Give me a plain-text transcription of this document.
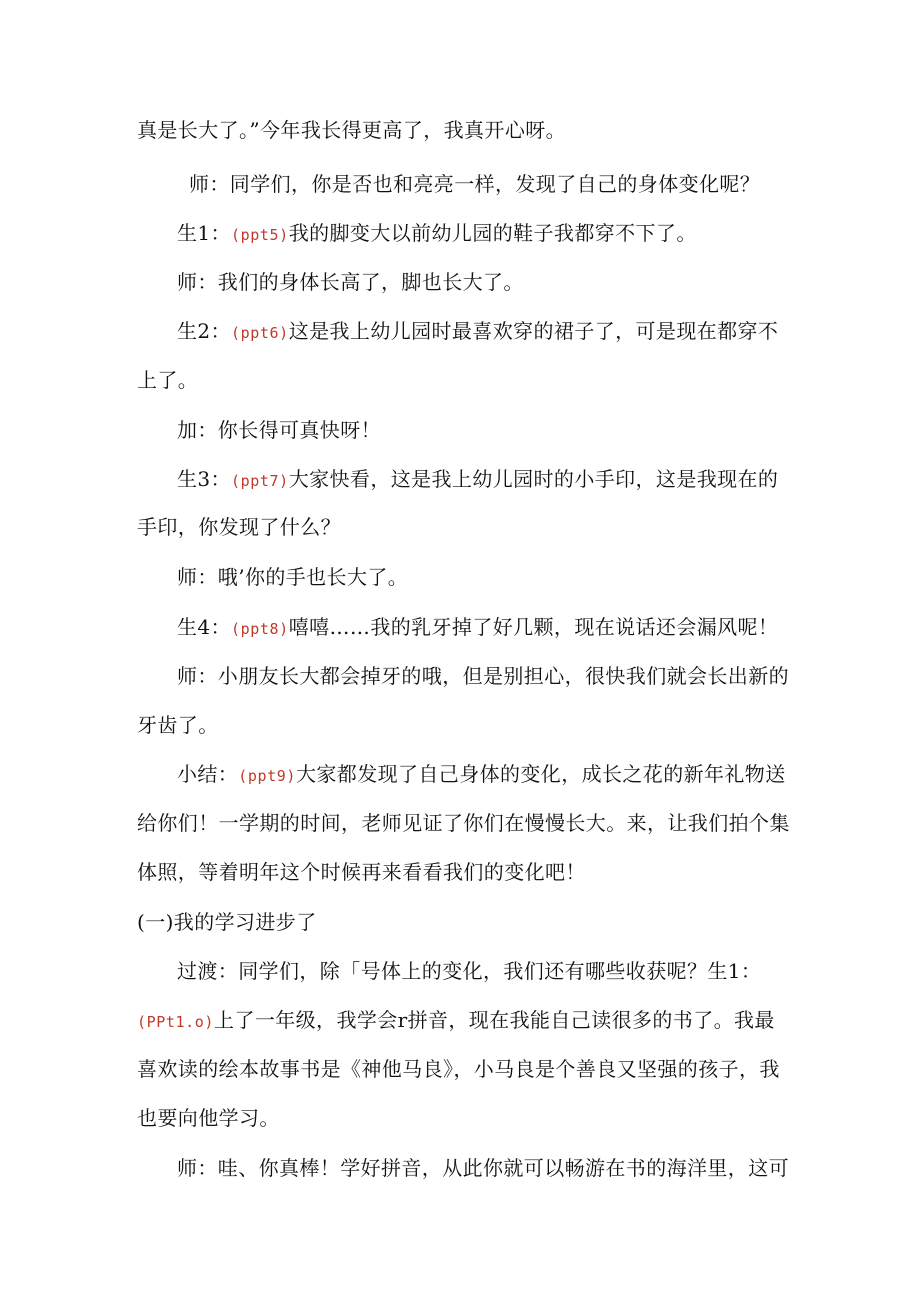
真是长大了。”今年我长得更高了，我真开心呀。
师：同学们，你是否也和亮亮一样，发现了自己的身体变化呢？
生1：(ppt5)我的脚变大以前幼儿园的鞋子我都穿不下了。
师：我们的身体长高了，脚也长大了。
生2：(ppt6)这是我上幼儿园时最喜欢穿的裙子了，可是现在都穿不
上了。
加：你长得可真快呀！
生3：(ppt7)大家快看，这是我上幼儿园时的小手印，这是我现在的
手印，你发现了什么？
师：哦’你的手也长大了。
生4：(ppt8)嘻嘻……我的乳牙掉了好几颗，现在说话还会漏风呢！
师：小朋友长大都会掉牙的哦，但是别担心，很快我们就会长出新的
牙齿了。
小结：(ppt9)大家都发现了自己身体的变化，成长之花的新年礼物送
给你们！一学期的时间，老师见证了你们在慢慢长大。来，让我们拍个集
体照，等着明年这个时候再来看看我们的变化吧！
(一)我的学习进步了
过渡：同学们，除「号体上的变化，我们还有哪些收获呢？生1：
(PPt1.o)上了一年级，我学会r拼音，现在我能自己读很多的书了。我最
喜欢读的绘本故事书是《神他马良》，小马良是个善良又坚强的孩子，我
也要向他学习。
师：哇、你真棒！学好拼音，从此你就可以畅游在书的海洋里，这可
